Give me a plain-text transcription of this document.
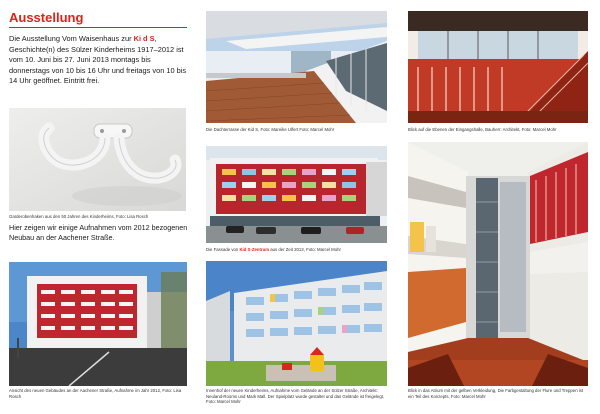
Ausstellung
Die Ausstellung Vom Waisenhaus zur Ki d S, Geschichte(n) des Sülzer Kinderheims 1917–2012 ist vom 10. Juni bis 27. Juni 2013 montags bis donnerstags von 10 bis 16 Uhr und freitags von 10 bis 14 Uhr geöffnet. Eintritt frei.
Garderobenhaken aus den 50 Jahren des Kinderheims, Foto: Lisa Rosch
Hier zeigen wir einige Aufnahmen vom 2012 bezogenen Neubau an der Aachener Straße.
Ansicht des neuen Gebäudes an der Aachener Straße, Aufnahme im Jahr 2012, Foto: Lisa Rosch
Die Dachterrasse der Kid S, Foto: Mareike Ulfert Foto: Marcel Mohr
Die Fassade von Kid S-Zentrum aus der Zeit 2013, Foto: Marcel Mohr
Innenhof der neuen Kinderheims, Aufnahme vom Gelände an der Sülzer Straße, Architekt: Neuland-Rooms und Mark Mall. Der Spielplatz wurde gestaltet und das Gelände ist freigelegt, Foto: Marcel Mohr
Blick auf die Ebenen der Eingangshalle, Bauherr: Architekt, Foto: Marcel Mohr
Blick in das Atrium mit der gelben Verkleidung, Die Farbgestaltung der Flure und Treppen ist ein Teil des Konzepts, Foto: Marcel Mohr
